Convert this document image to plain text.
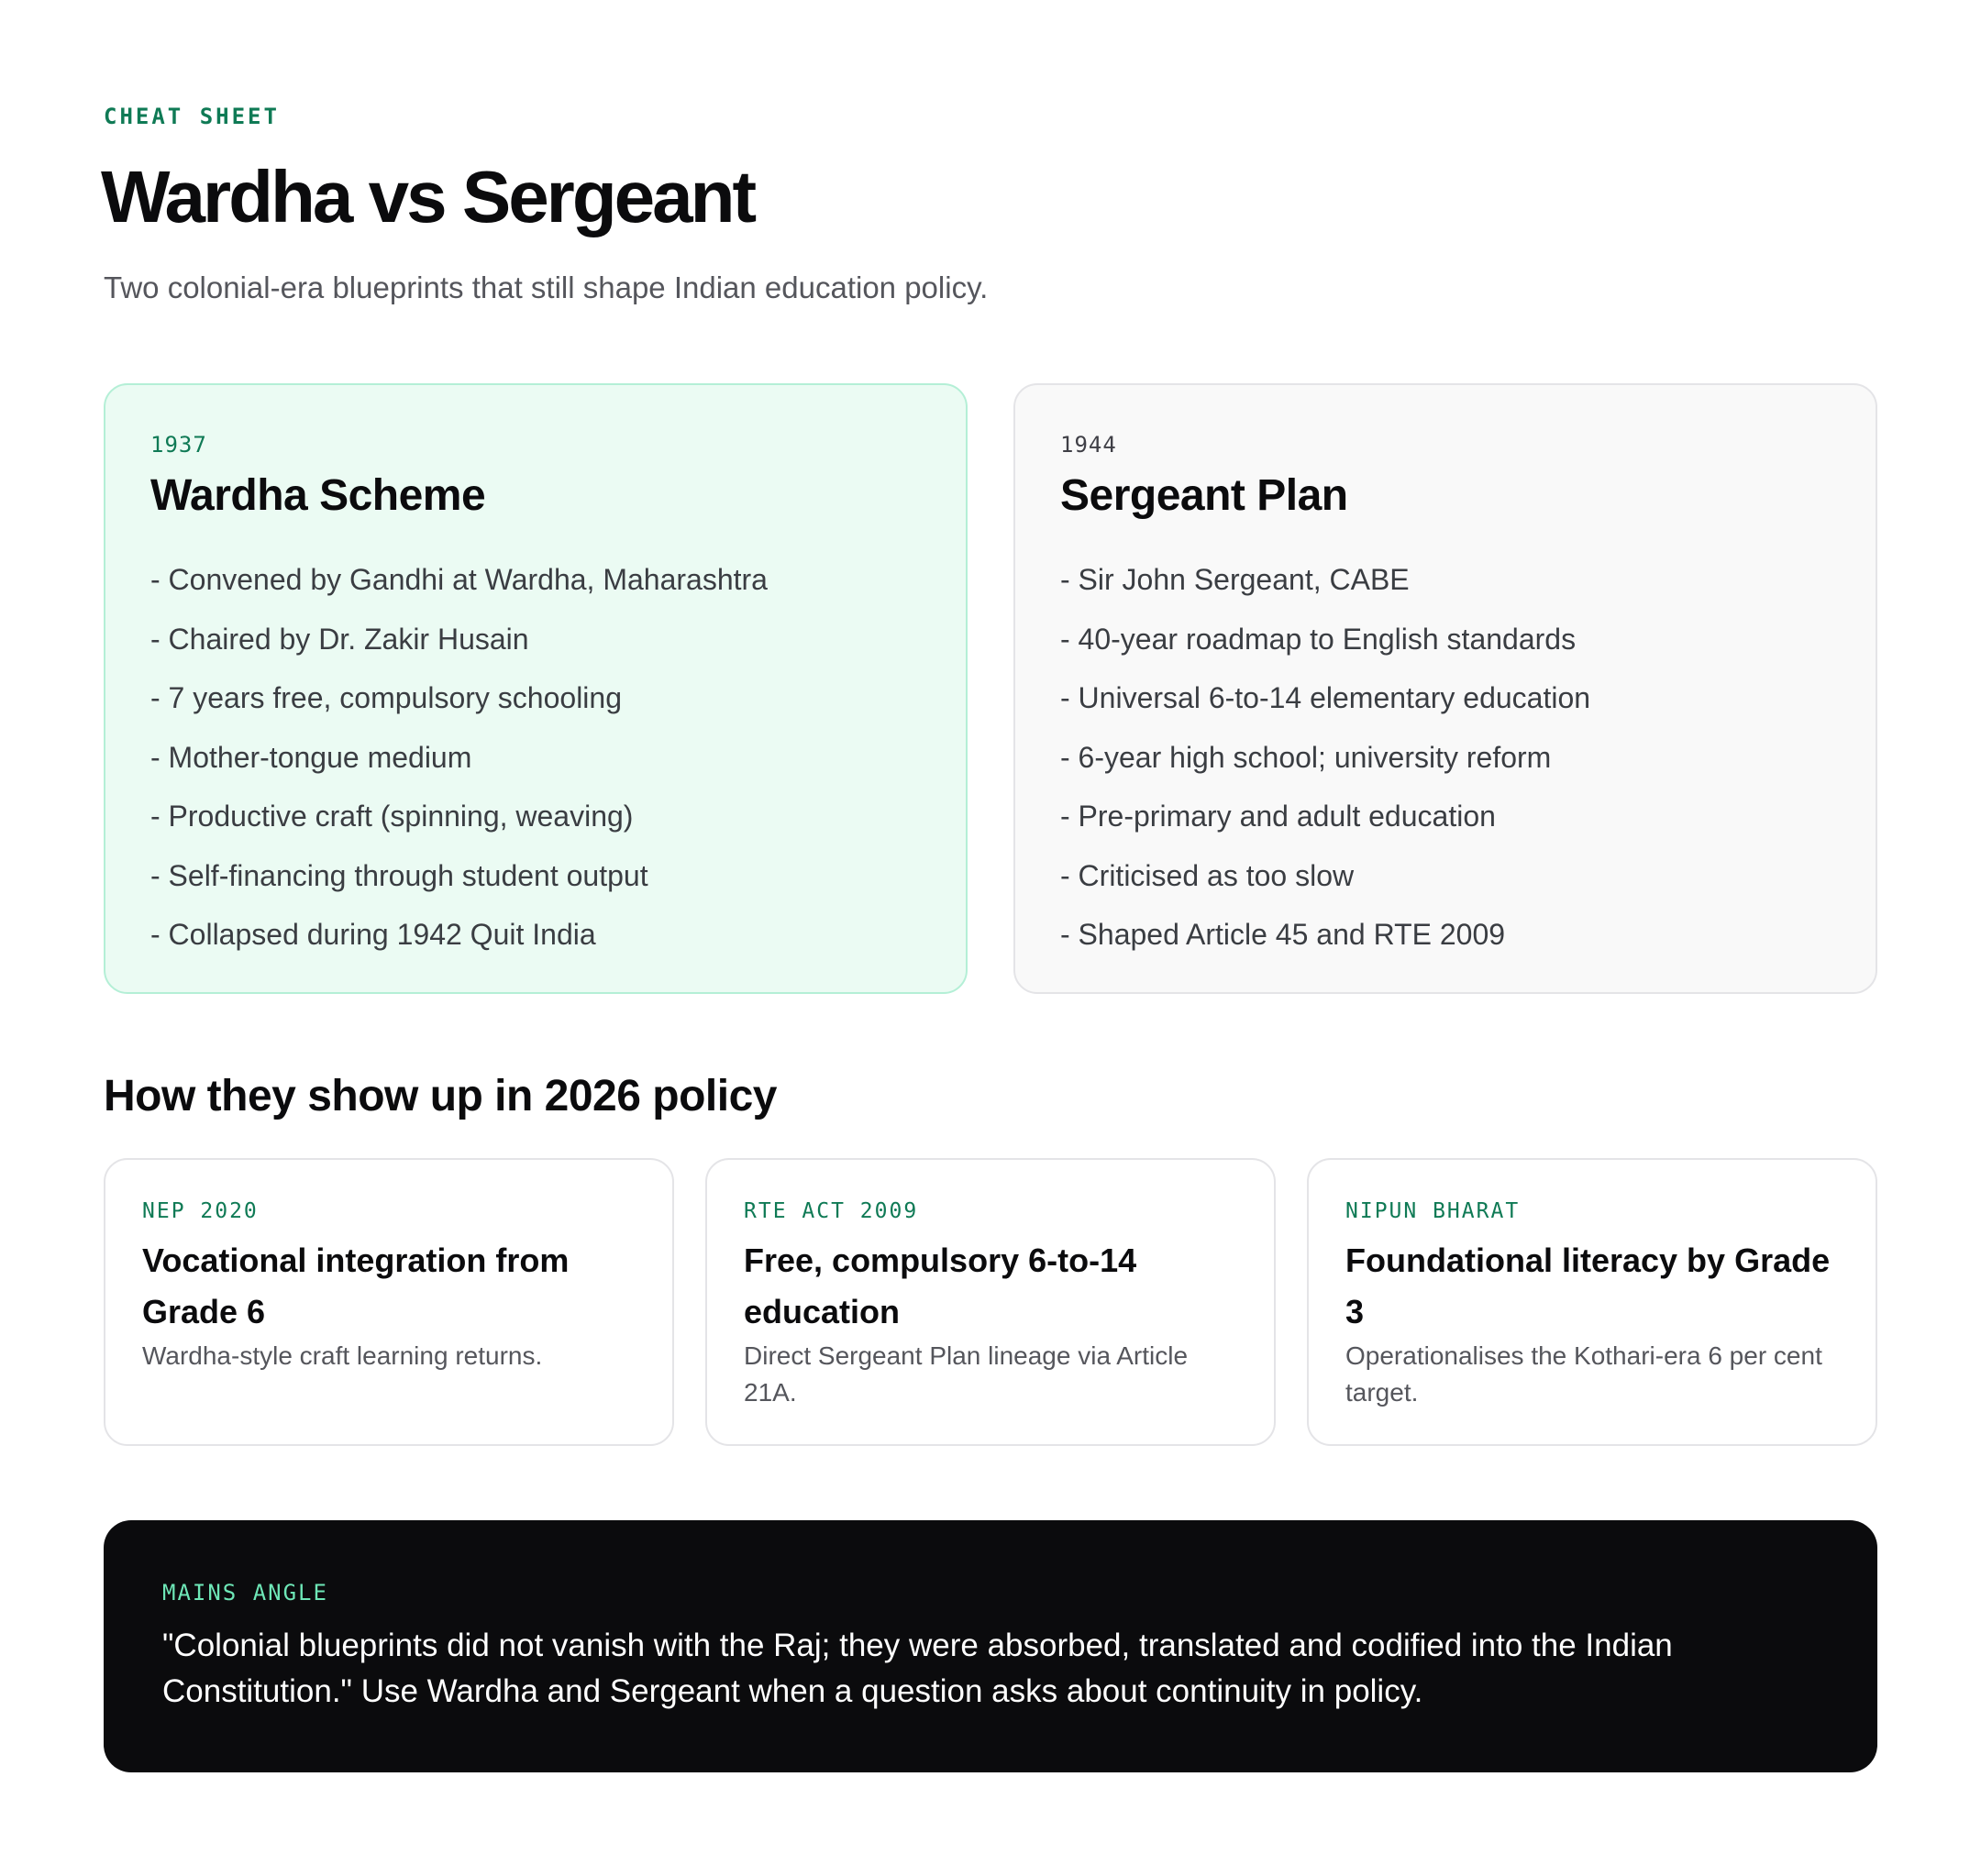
CHEAT SHEET
Wardha vs Sergeant

Two colonial-era blueprints that still shape Indian education policy.

1937
Wardha Scheme
- Convened by Gandhi at Wardha, Maharashtra
- Chaired by Dr. Zakir Husain
- 7 years free, compulsory schooling
- Mother-tongue medium
- Productive craft (spinning, weaving)
- Self-financing through student output
- Collapsed during 1942 Quit India
1944
Sergeant Plan
- Sir John Sergeant, CABE
- 40-year roadmap to English standards
- Universal 6-to-14 elementary education
- 6-year high school; university reform
- Pre-primary and adult education
- Criticised as too slow
- Shaped Article 45 and RTE 2009
How they show up in 2026 policy
NEP 2020
Vocational integration from Grade 6
Wardha-style craft learning returns.
RTE ACT 2009
Free, compulsory 6-to-14 education
Direct Sergeant Plan lineage via Article 21A.
NIPUN BHARAT
Foundational literacy by Grade 3
Operationalises the Kothari-era 6 per cent target.
MAINS ANGLE

"Colonial blueprints did not vanish with the Raj; they were absorbed, translated and codified into the Indian Constitution." Use Wardha and Sergeant when a question asks about continuity in policy.
